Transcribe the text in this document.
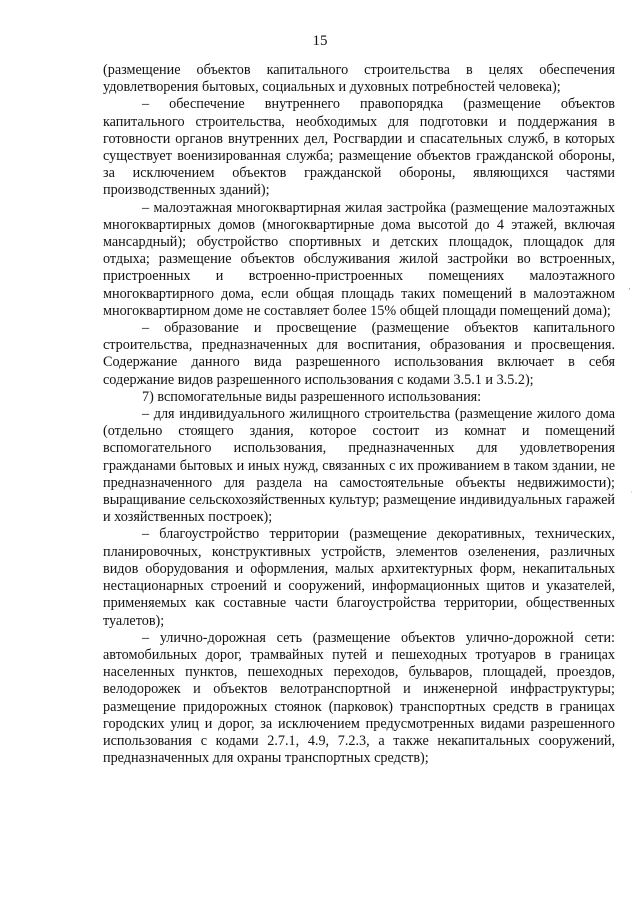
15

(размещение объектов капитального строительства в целях обеспечения удовлетворения бытовых, социальных и духовных потребностей человека);

– обеспечение внутреннего правопорядка (размещение объектов капитального строительства, необходимых для подготовки и поддержания в готовности органов внутренних дел, Росгвардии и спасательных служб, в которых существует военизированная служба; размещение объектов гражданской обороны, за исключением объектов гражданской обороны, являющихся частями производственных зданий);

– малоэтажная многоквартирная жилая застройка (размещение малоэтажных многоквартирных домов (многоквартирные дома высотой до 4 этажей, включая мансардный); обустройство спортивных и детских площадок, площадок для отдыха; размещение объектов обслуживания жилой застройки во встроенных, пристроенных и встроенно-пристроенных помещениях малоэтажного многоквартирного дома, если общая площадь таких помещений в малоэтажном многоквартирном доме не составляет более 15% общей площади помещений дома);

– образование и просвещение (размещение объектов капитального строительства, предназначенных для воспитания, образования и просвещения. Содержание данного вида разрешенного использования включает в себя содержание видов разрешенного использования с кодами 3.5.1 и 3.5.2);

7) вспомогательные виды разрешенного использования:

– для индивидуального жилищного строительства (размещение жилого дома (отдельно стоящего здания, которое состоит из комнат и помещений вспомогательного использования, предназначенных для удовлетворения гражданами бытовых и иных нужд, связанных с их проживанием в таком здании, не предназначенного для раздела на самостоятельные объекты недвижимости); выращивание сельскохозяйственных культур; размещение индивидуальных гаражей и хозяйственных построек);

– благоустройство территории (размещение декоративных, технических, планировочных, конструктивных устройств, элементов озеленения, различных видов оборудования и оформления, малых архитектурных форм, некапитальных нестационарных строений и сооружений, информационных щитов и указателей, применяемых как составные части благоустройства территории, общественных туалетов);

– улично-дорожная сеть (размещение объектов улично-дорожной сети: автомобильных дорог, трамвайных путей и пешеходных тротуаров в границах населенных пунктов, пешеходных переходов, бульваров, площадей, проездов, велодорожек и объектов велотранспортной и инженерной инфраструктуры; размещение придорожных стоянок (парковок) транспортных средств в границах городских улиц и дорог, за исключением предусмотренных видами разрешенного использования с кодами 2.7.1, 4.9, 7.2.3, а также некапитальных сооружений, предназначенных для охраны транспортных средств);

,
·
